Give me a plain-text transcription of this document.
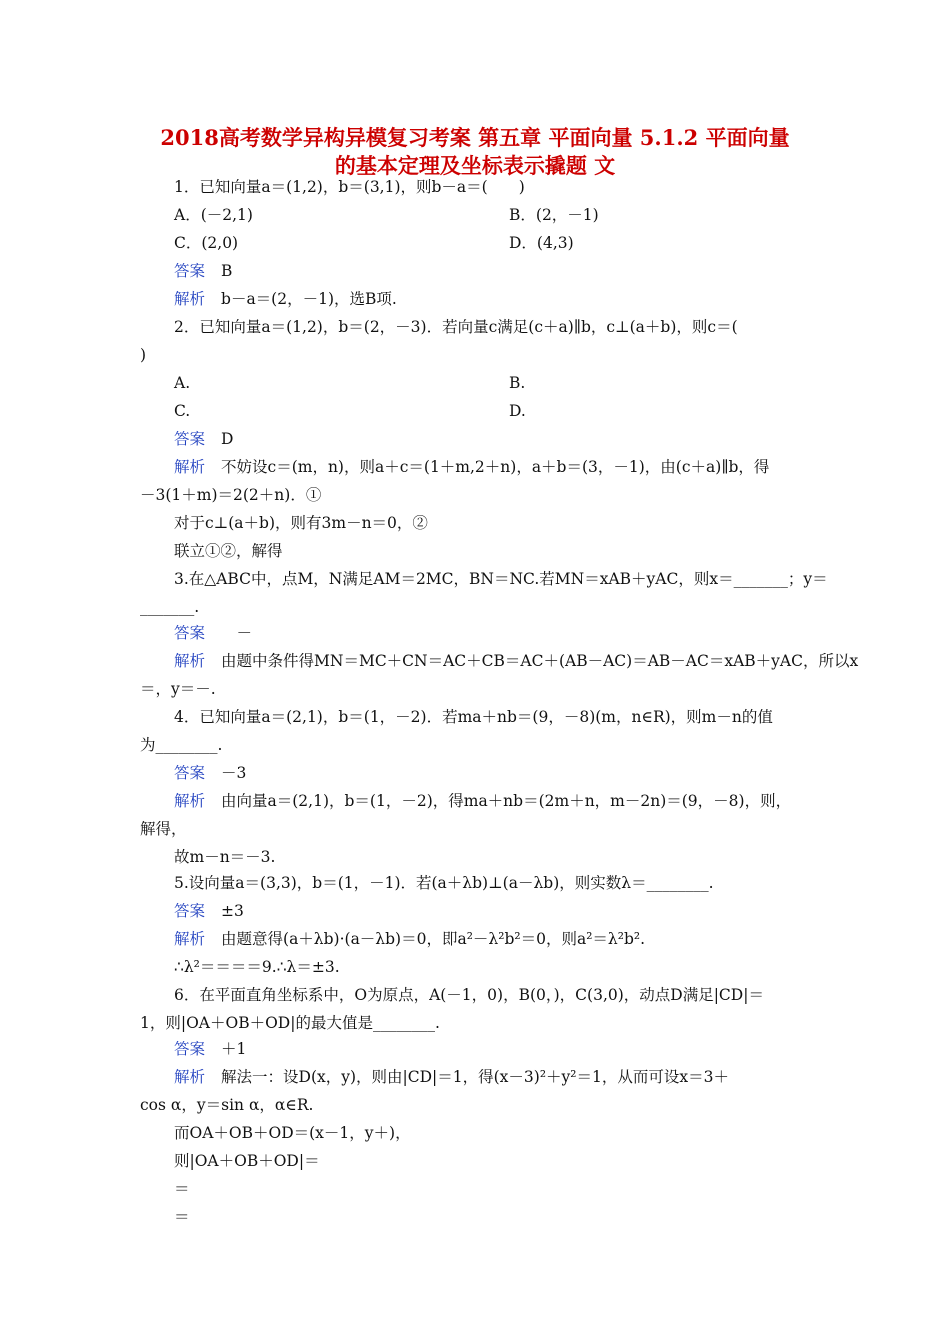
2018高考数学异构异模复习考案 第五章 平面向量 5.1.2 平面向量
的基本定理及坐标表示撬题 文
1．已知向量a＝(1,2)，b＝(3,1)，则b－a＝(　　)
A．(－2,1)	B．(2，－1)
C．(2,0)	D．(4,3)
答案 B
解析 b－a＝(2，－1)，选B项.
2．已知向量a＝(1,2)，b＝(2，－3)．若向量c满足(c＋a)∥b，c⊥(a＋b)，则c＝(
)
A.	B.
C.	D.
答案 D
解析 不妨设c＝(m，n)，则a＋c＝(1＋m,2＋n)，a＋b＝(3，－1)，由(c＋a)∥b，得
－3(1＋m)＝2(2＋n)．①
对于c⊥(a＋b)，则有3m－n＝0，②
联立①②，解得
3.在△ABC中，点M，N满足AM＝2MC，BN＝NC.若MN＝xAB＋yAC，则x＝_______；y＝
_______.
答案　－
解析 由题中条件得MN＝MC＋CN＝AC＋CB＝AC＋(AB－AC)＝AB－AC＝xAB＋yAC，所以x
＝，y＝－.
4．已知向量a＝(2,1)，b＝(1，－2)．若ma＋nb＝(9，－8)(m，n∈R)，则m－n的值
为________.
答案 －3
解析 由向量a＝(2,1)，b＝(1，－2)，得ma＋nb＝(2m＋n，m－2n)＝(9，－8)，则，
解得，
故m－n＝－3.
5.设向量a＝(3,3)，b＝(1，－1)．若(a＋λb)⊥(a－λb)，则实数λ＝________.
答案 ±3
解析 由题意得(a＋λb)·(a－λb)＝0，即a²－λ²b²＝0，则a²＝λ²b².
∴λ²＝＝＝＝9.∴λ＝±3.
6．在平面直角坐标系中，O为原点，A(－1，0)，B(0，)，C(3,0)，动点D满足|CD|＝
1，则|OA＋OB＋OD|的最大值是________.
答案 ＋1
解析 解法一：设D(x，y)，则由|CD|＝1，得(x－3)²＋y²＝1，从而可设x＝3＋
cos α，y＝sin α，α∈R.
而OA＋OB＋OD＝(x－1，y＋)，
则|OA＋OB＋OD|＝
＝
＝
